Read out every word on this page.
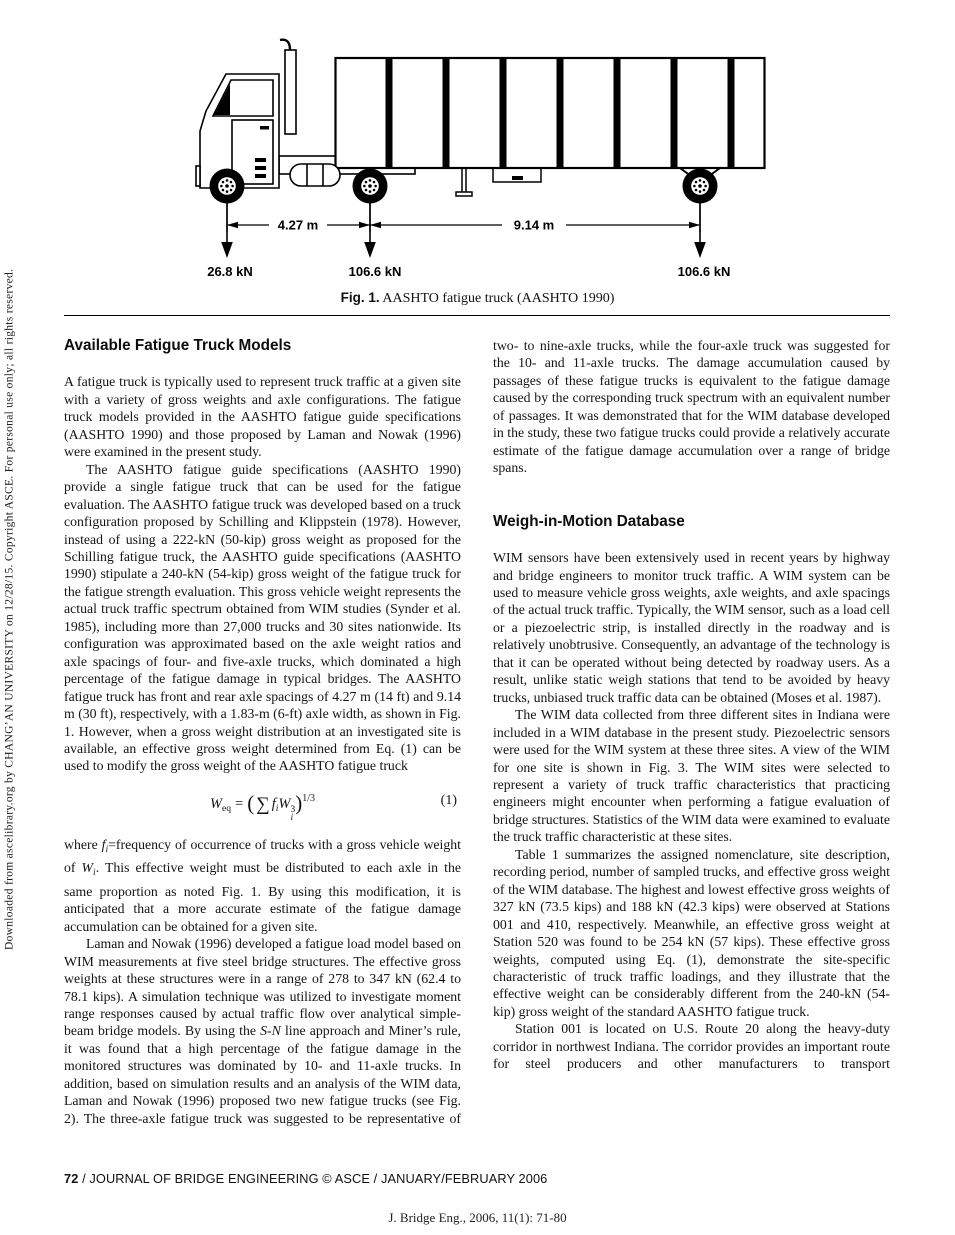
Downloaded from ascelibrary.org by CHANG’AN UNIVERSITY on 12/28/15. Copyright ASCE. For personal use only; all rights reserved.
4.27 m	9.14 m
26.8 kN	106.6 kN	106.6 kN
Fig. 1. AASHTO fatigue truck (AASHTO 1990)
Available Fatigue Truck Models

A fatigue truck is typically used to represent truck traffic at a given site with a variety of gross weights and axle configurations. The fatigue truck models provided in the AASHTO fatigue guide specifications (AASHTO 1990) and those proposed by Laman and Nowak (1996) were examined in the present study.

The AASHTO fatigue guide specifications (AASHTO 1990) provide a single fatigue truck that can be used for the fatigue evaluation. The AASHTO fatigue truck was developed based on a truck configuration proposed by Schilling and Klippstein (1978). However, instead of using a 222-kN (50-kip) gross weight as proposed for the Schilling fatigue truck, the AASHTO guide specifications (AASHTO 1990) stipulate a 240-kN (54-kip) gross weight of the fatigue truck for the fatigue strength evaluation. This gross vehicle weight represents the actual truck traffic spectrum obtained from WIM studies (Synder et al. 1985), including more than 27,000 trucks and 30 sites nationwide. Its configuration was approximated based on the axle weight ratios and axle spacings of four- and five-axle trucks, which dominated a high percentage of the fatigue damage in typical bridges. The AASHTO fatigue truck has front and rear axle spacings of 4.27 m (14 ft) and 9.14 m (30 ft), respectively, with a 1.83-m (6-ft) axle width, as shown in Fig. 1. However, when a gross weight distribution at an investigated site is available, an effective gross weight determined from Eq. (1) can be used to modify the gross weight of the AASHTO fatigue truck

$W_{eq}$ = ( ∑ $f_iW$ 3
i
)$^{1/3}$	(1)

where $f_i=frequency$ of occurrence of trucks with a gross vehicle weight of $W_i$. This effective weight must be distributed to each axle in the same proportion as noted Fig. 1. By using this modification, it is anticipated that a more accurate estimate of the fatigue damage accumulation can be obtained for a given site.

Laman and Nowak (1996) developed a fatigue load model based on WIM measurements at five steel bridge structures. The effective gross weights at these structures were in a range of 278 to 347 kN (62.4 to 78.1 kips). A simulation technique was utilized to investigate moment range responses caused by actual traffic flow over analytical simple-beam bridge models. By using the S-N line approach and Miner’s rule, it was found that a high percentage of the fatigue damage in the monitored structures was dominated by 10- and 11-axle trucks. In addition, based on simulation results and an analysis of the WIM data, Laman and Nowak (1996) proposed two new fatigue trucks (see Fig. 2). The three-axle fatigue truck was suggested to be representative of

two- to nine-axle trucks, while the four-axle truck was suggested for the 10- and 11-axle trucks. The damage accumulation caused by passages of these fatigue trucks is equivalent to the fatigue damage caused by the corresponding truck spectrum with an equivalent number of passages. It was demonstrated that for the WIM database developed in the study, these two fatigue trucks could provide a relatively accurate estimate of the fatigue damage accumulation over a range of bridge spans.

Weigh-in-Motion Database

WIM sensors have been extensively used in recent years by highway and bridge engineers to monitor truck traffic. A WIM system can be used to measure vehicle gross weights, axle weights, and axle spacings of the actual truck traffic. Typically, the WIM sensor, such as a load cell or a piezoelectric strip, is installed directly in the roadway and is relatively unobtrusive. Consequently, an advantage of the technology is that it can be operated without being detected by roadway users. As a result, unlike static weigh stations that tend to be avoided by heavy trucks, unbiased truck traffic data can be obtained (Moses et al. 1987).

The WIM data collected from three different sites in Indiana were included in a WIM database in the present study. Piezoelectric sensors were used for the WIM system at these three sites. A view of the WIM for one site is shown in Fig. 3. The WIM sites were selected to represent a variety of truck traffic characteristics that practicing engineers might encounter when performing a fatigue evaluation of bridge structures. Statistics of the WIM data were examined to evaluate the truck traffic characteristic at these sites.

Table 1 summarizes the assigned nomenclature, site description, recording period, number of sampled trucks, and effective gross weight of the WIM database. The highest and lowest effective gross weights of 327 kN (73.5 kips) and 188 kN (42.3 kips) were observed at Stations 001 and 410, respectively. Meanwhile, an effective gross weight at Station 520 was found to be 254 kN (57 kips). These effective gross weights, computed using Eq. (1), demonstrate the site-specific characteristic of truck traffic loadings, and they illustrate that the effective weight can be considerably different from the 240-kN (54-kip) gross weight of the standard AASHTO fatigue truck.

Station 001 is located on U.S. Route 20 along the heavy-duty corridor in northwest Indiana. The corridor provides an important route for steel producers and other manufacturers to transport

72 / JOURNAL OF BRIDGE ENGINEERING © ASCE / JANUARY/FEBRUARY 2006
J. Bridge Eng., 2006, 11(1): 71-80
